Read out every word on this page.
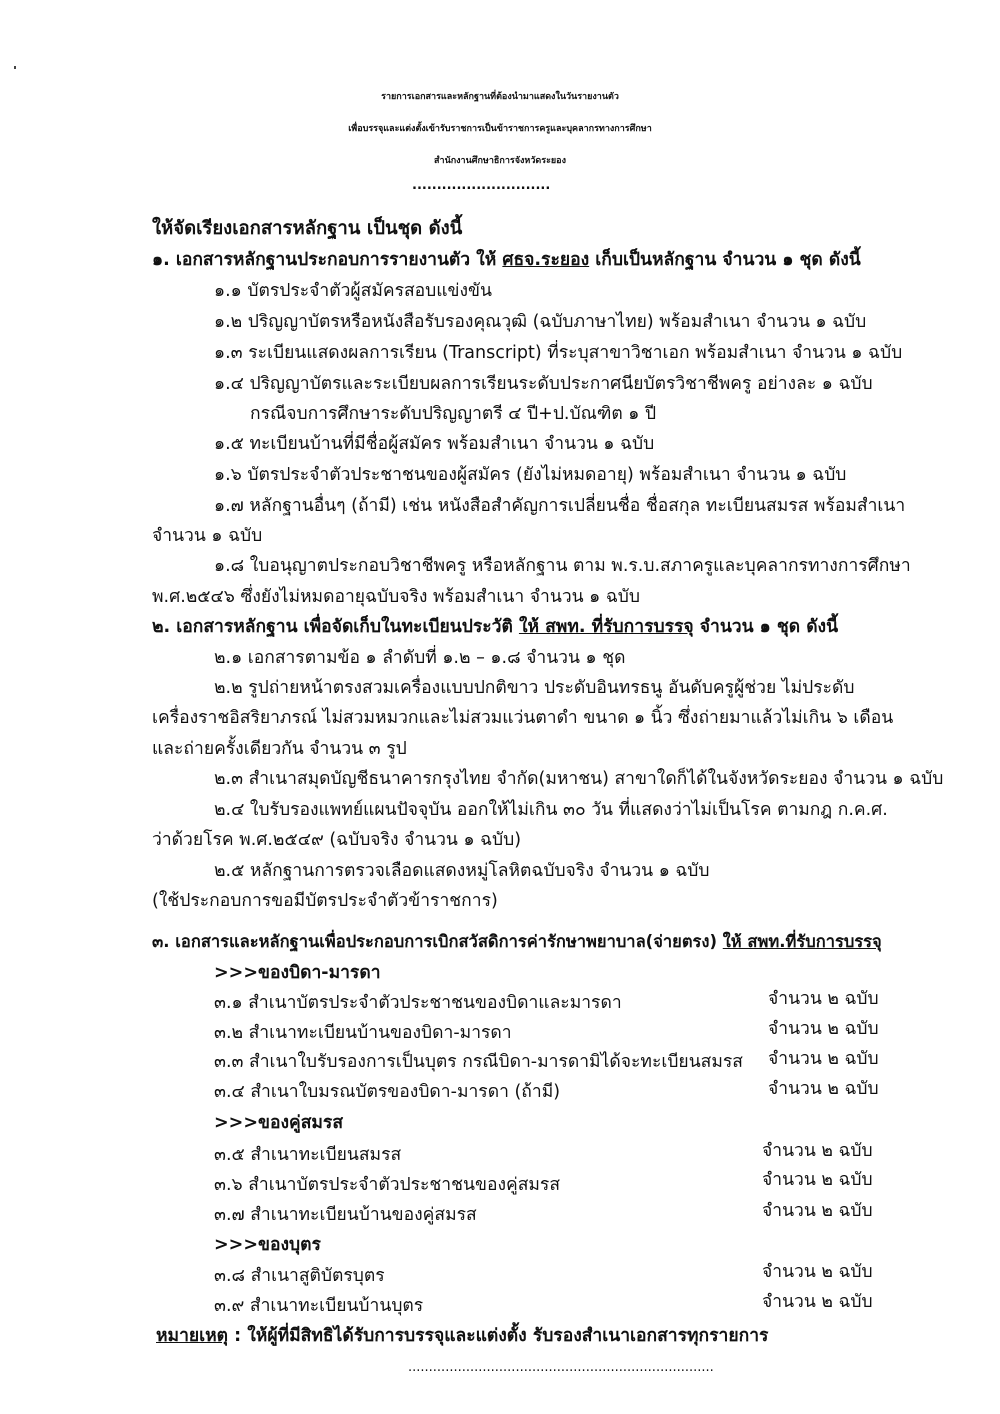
รายการเอกสารและหลักฐานที่ต้องนำมาแสดงในวันรายงานตัว
เพื่อบรรจุและแต่งตั้งเข้ารับราชการเป็นข้าราชการครูและบุคลากรทางการศึกษา
สำนักงานศึกษาธิการจังหวัดระยอง
............................
ให้จัดเรียงเอกสารหลักฐาน เป็นชุด ดังนี้
๑. เอกสารหลักฐานประกอบการรายงานตัว ให้ ศธจ.ระยอง เก็บเป็นหลักฐาน จำนวน ๑ ชุด ดังนี้
๑.๑ บัตรประจำตัวผู้สมัครสอบแข่งขัน
๑.๒ ปริญญาบัตรหรือหนังสือรับรองคุณวุฒิ (ฉบับภาษาไทย) พร้อมสำเนา จำนวน ๑ ฉบับ
๑.๓ ระเบียนแสดงผลการเรียน (Transcript) ที่ระบุสาขาวิชาเอก พร้อมสำเนา จำนวน ๑ ฉบับ
๑.๔ ปริญญาบัตรและระเบียบผลการเรียนระดับประกาศนียบัตรวิชาชีพครู อย่างละ ๑ ฉบับ
กรณีจบการศึกษาระดับปริญญาตรี ๔ ปี+ป.บัณฑิต ๑ ปี
๑.๕ ทะเบียนบ้านที่มีชื่อผู้สมัคร พร้อมสำเนา จำนวน ๑ ฉบับ
๑.๖ บัตรประจำตัวประชาชนของผู้สมัคร (ยังไม่หมดอายุ) พร้อมสำเนา จำนวน ๑ ฉบับ
๑.๗ หลักฐานอื่นๆ (ถ้ามี) เช่น หนังสือสำคัญการเปลี่ยนชื่อ ชื่อสกุล ทะเบียนสมรส พร้อมสำเนา
จำนวน ๑ ฉบับ
๑.๘ ใบอนุญาตประกอบวิชาชีพครู หรือหลักฐาน ตาม พ.ร.บ.สภาครูและบุคลากรทางการศึกษา
พ.ศ.๒๕๔๖ ซึ่งยังไม่หมดอายุฉบับจริง พร้อมสำเนา จำนวน ๑ ฉบับ
๒. เอกสารหลักฐาน เพื่อจัดเก็บในทะเบียนประวัติ ให้ สพท. ที่รับการบรรจุ จำนวน ๑ ชุด ดังนี้
๒.๑ เอกสารตามข้อ ๑ ลำดับที่ ๑.๒ – ๑.๘ จำนวน ๑ ชุด
๒.๒ รูปถ่ายหน้าตรงสวมเครื่องแบบปกติขาว ประดับอินทรธนู อันดับครูผู้ช่วย ไม่ประดับ
เครื่องราชอิสริยาภรณ์ ไม่สวมหมวกและไม่สวมแว่นตาดำ ขนาด ๑ นิ้ว ซึ่งถ่ายมาแล้วไม่เกิน ๖ เดือน
และถ่ายครั้งเดียวกัน จำนวน ๓ รูป
๒.๓ สำเนาสมุดบัญชีธนาคารกรุงไทย จำกัด(มหาชน) สาขาใดก็ได้ในจังหวัดระยอง จำนวน ๑ ฉบับ
๒.๔ ใบรับรองแพทย์แผนปัจจุบัน ออกให้ไม่เกิน ๓๐ วัน ที่แสดงว่าไม่เป็นโรค ตามกฎ ก.ค.ศ.
ว่าด้วยโรค พ.ศ.๒๕๔๙ (ฉบับจริง จำนวน ๑ ฉบับ)
๒.๕ หลักฐานการตรวจเลือดแสดงหมู่โลหิตฉบับจริง จำนวน ๑ ฉบับ
(ใช้ประกอบการขอมีบัตรประจำตัวข้าราชการ)
๓. เอกสารและหลักฐานเพื่อประกอบการเบิกสวัสดิการค่ารักษาพยาบาล(จ่ายตรง) ให้ สพท.ที่รับการบรรจุ
>>>ของบิดา-มารดา
๓.๑ สำเนาบัตรประจำตัวประชาชนของบิดาและมารดา	จำนวน ๒ ฉบับ
๓.๒ สำเนาทะเบียนบ้านของบิดา-มารดา	จำนวน ๒ ฉบับ
๓.๓ สำเนาใบรับรองการเป็นบุตร กรณีบิดา-มารดามิได้จะทะเบียนสมรส จำนวน ๒ ฉบับ
๓.๔ สำเนาใบมรณบัตรของบิดา-มารดา (ถ้ามี)	จำนวน ๒ ฉบับ
>>>ของคู่สมรส
๓.๕ สำเนาทะเบียนสมรส	จำนวน ๒ ฉบับ
๓.๖ สำเนาบัตรประจำตัวประชาชนของคู่สมรส	จำนวน ๒ ฉบับ
๓.๗ สำเนาทะเบียนบ้านของคู่สมรส	จำนวน ๒ ฉบับ
>>>ของบุตร
๓.๘ สำเนาสูติบัตรบุตร	จำนวน ๒ ฉบับ
๓.๙ สำเนาทะเบียนบ้านบุตร	จำนวน ๒ ฉบับ
หมายเหตุ : ให้ผู้ที่มีสิทธิได้รับการบรรจุและแต่งตั้ง รับรองสำเนาเอกสารทุกรายการ
..........................................................................
